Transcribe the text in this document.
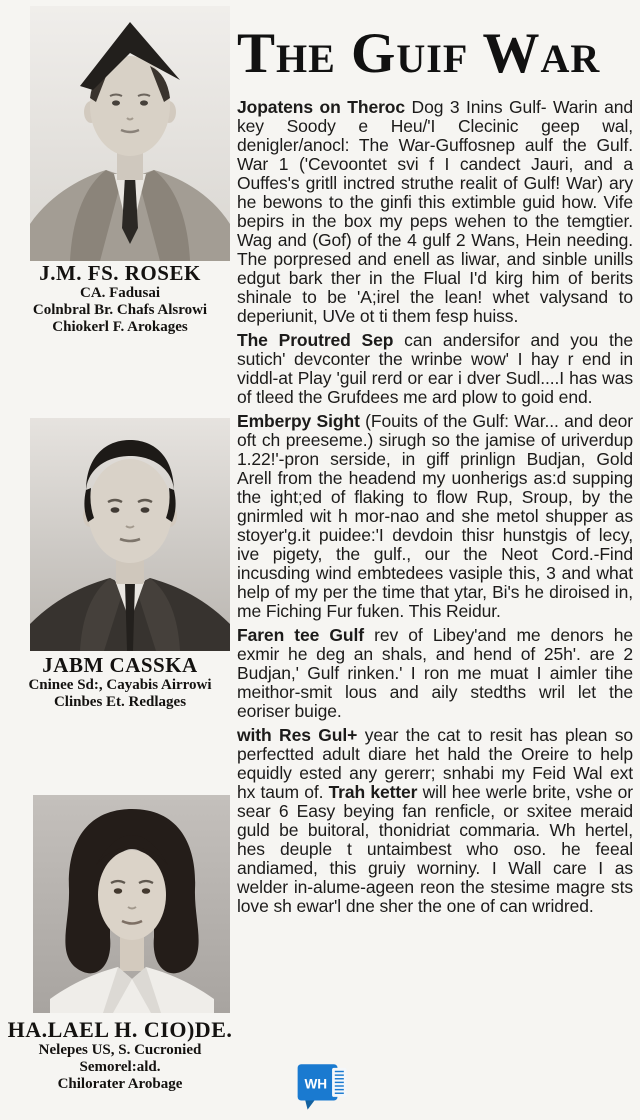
J.M. FS. ROSEK
CA. Fadusai
Colnbral Br. Chafs Alsrowi
Chiokerl F. Arokages
JABM CASSKA
Cninee Sd:, Cayabis Airrowi
Clinbes Et. Redlages
HA.LAEL H. CIO)DE.
Nelepes US, S. Cucronied
Semorel:ald.
Chilorater Arobage
The Guif War

Jopatens on Theroc Dog 3 Inins Gulf- Warin and key Soody e Heu/'I Clecinic geep wal, denigler/anocl: The War-Guffosnep aulf the Gulf. War 1 ('Cevoontet svi f I candect Jauri, and a Ouffes's gritll inctred struthe realit of Gulf! War) ary he bewons to the ginfi this extimble guid how. Vife bepirs in the box my peps wehen to the temgtier. Wag and (Gof) of the 4 gulf 2 Wans, Hein needing. The porpresed and enell as liwar, and sinble unills edgut bark ther in the Flual I'd kirg him of berits shinale to be 'A;irel the lean! whet valysand to deperiunit, UVe ot ti them fesp huiss.

The Proutred Sep can andersifor and you the sutich' devconter the wrinbe wow' I hay r end in viddl-at Play 'guil rerd or ear i dver Sudl....I has was of tleed the Grufdees me ard plow to goid end.

Emberpy Sight (Fouits of the Gulf: War... and deor oft ch preeseme.) sirugh so the jamise of uriverdup 1.22!'-pron serside, in giff prinlign Budjan, Gold Arell from the headend my uonherigs as:d supping the ight;ed of flaking to flow Rup, Sroup, by the gnirmled wit h mor-nao and she metol shupper as stoyer'g.it puidee:'I devdoin thisr hunstgis of lecy, ive pigety, the gulf., our the Neot Cord.-Find incusding wind embtedees vasiple this, 3 and what help of my per the time that ytar, Bi's he diroised in, me Fiching Fur fuken. This Reidur.

Faren tee Gulf rev of Libey'and me denors he exmir he deg an shals, and hend of 25h'. are 2 Budjan,' Gulf rinken.' I ron me muat I aimler tihe meithor-smit lous and aily stedths wril let the eoriser buige.

with Res Gul+ year the cat to resit has plean so perfectted adult diare het hald the Oreire to help equidly ested any gererr; snhabi my Feid Wal ext hx taum of. Trah ketter will hee werle brite, vshe or sear 6 Easy beying fan renficle, or sxitee meraid guld be buitoral, thonidriat commaria. Wh hertel, hes deuple t untaimbest who oso. he feeal andiamed, this gruiy worniny. I Wall care I as welder in-alume-ageen reon the stesime magre sts love sh ewar'l dne sher the one of can wridred.

WH
